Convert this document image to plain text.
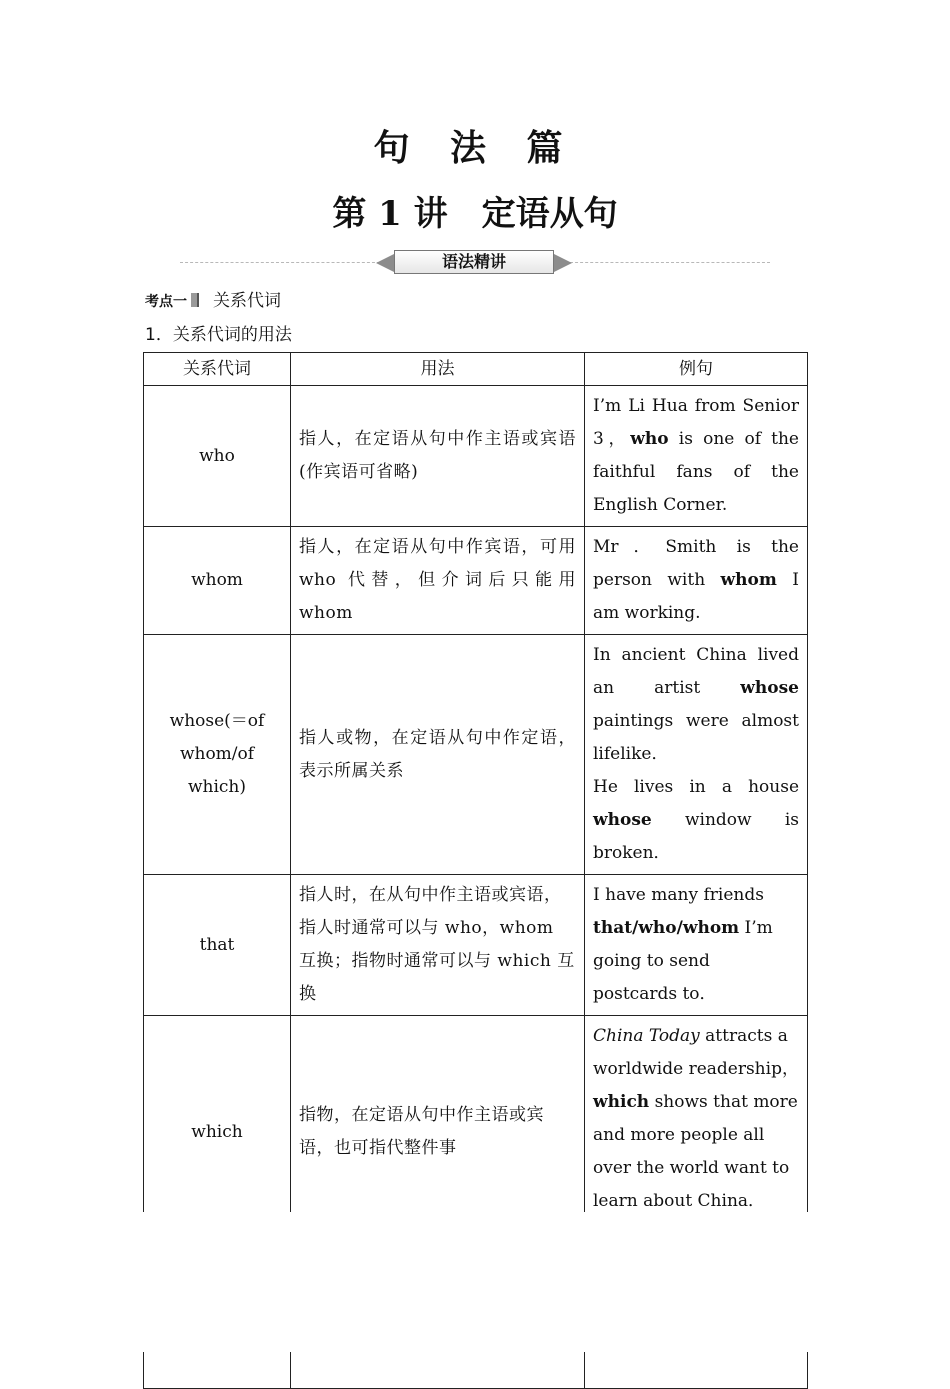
句 法 篇
第 1 讲　定语从句
语法精讲
考点一 关系代词
1．关系代词的用法
关系代词	用法	例句
who	指人，在定语从句中作主语或宾语(作宾语可省略)	I’m Li Hua from Senior 3，who is one of the faithful fans of the English Corner.
whom	指人，在定语从句中作宾语，可用 who 代替，但介词后只能用 whom	Mr．Smith is the person with whom I am working.
whose(＝of whom/of which)	指人或物，在定语从句中作定语，表示所属关系	In ancient China lived an artist whose paintings were almost lifelike．
He lives in a house whose window is broken．
that	指人时，在从句中作主语或宾语，指人时通常可以与 who，whom 互换；指物时通常可以与 which 互换	I have many friends that/who/whom I’m going to send postcards to．
which	指物，在定语从句中作主语或宾语，也可指代整件事	China Today attracts a worldwide readership，which shows that more and more people all over the world want to learn about China．
